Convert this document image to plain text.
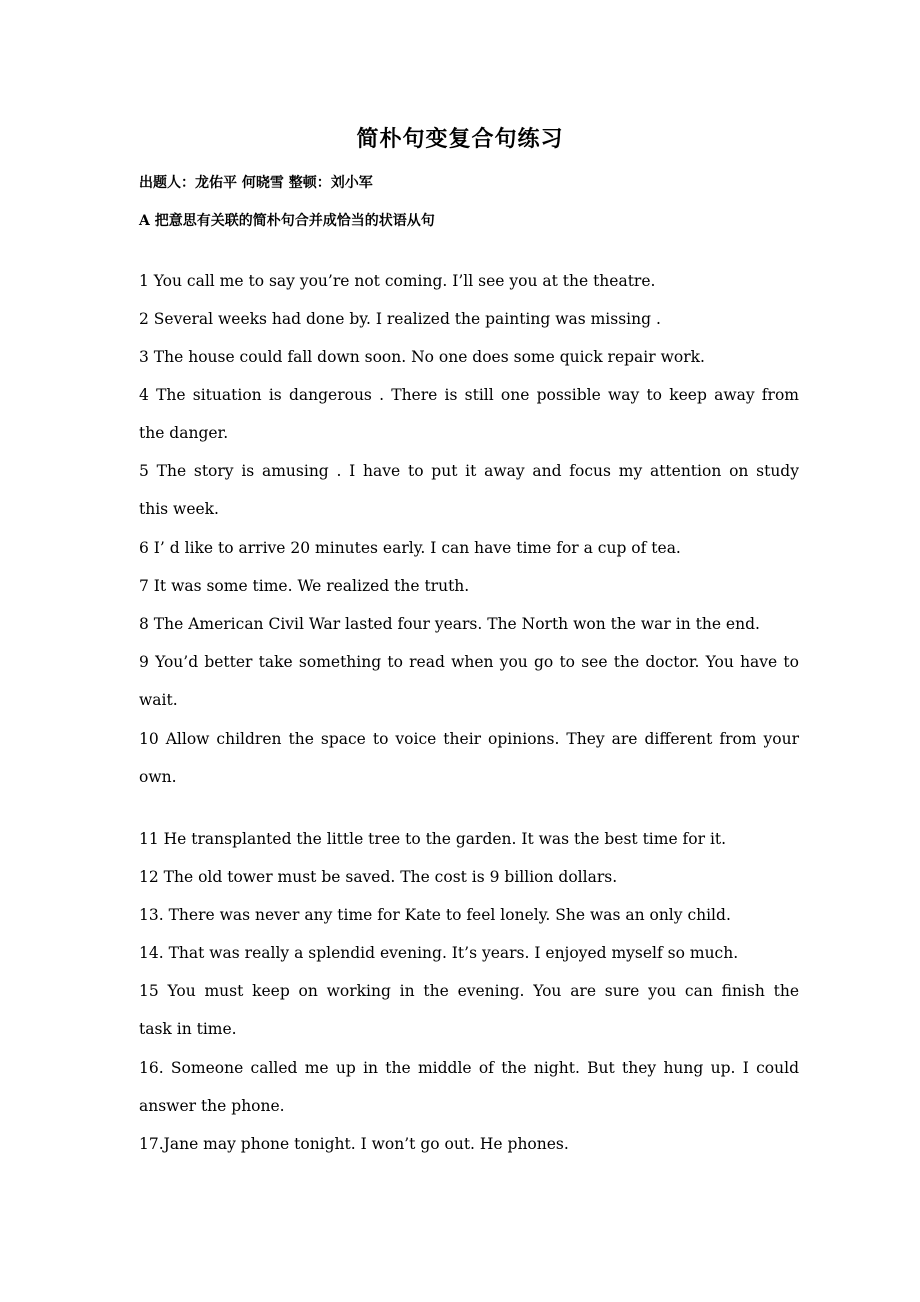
简朴句变复合句练习
出题人：龙佑平 何晓雪 整顿：刘小军
A 把意思有关联的简朴句合并成恰当的状语从句
1 You call me to say you’re not coming. I’ll see you at the theatre.
2 Several weeks had done by. I realized the painting was missing .
3 The house could fall down soon. No one does some quick repair work.
4 The situation is dangerous . There is still one possible way to keep away from
the danger.
5 The story is amusing . I have to put it away and focus my attention on study
this week.
6 I’ d like to arrive 20 minutes early. I can have time for a cup of tea.
7 It was some time. We realized the truth.
8 The American Civil War lasted four years. The North won the war in the end.
9 You’d better take something to read when you go to see the doctor. You have to
wait.
10 Allow children the space to voice their opinions. They are different from your
own.
11 He transplanted the little tree to the garden. It was the best time for it.
12 The old tower must be saved. The cost is 9 billion dollars.
13. There was never any time for Kate to feel lonely. She was an only child.
14. That was really a splendid evening. It’s years. I enjoyed myself so much.
15 You must keep on working in the evening. You are sure you can finish the
task in time.
16. Someone called me up in the middle of the night. But they hung up. I could
answer the phone.
17.Jane may phone tonight. I won’t go out. He phones.
